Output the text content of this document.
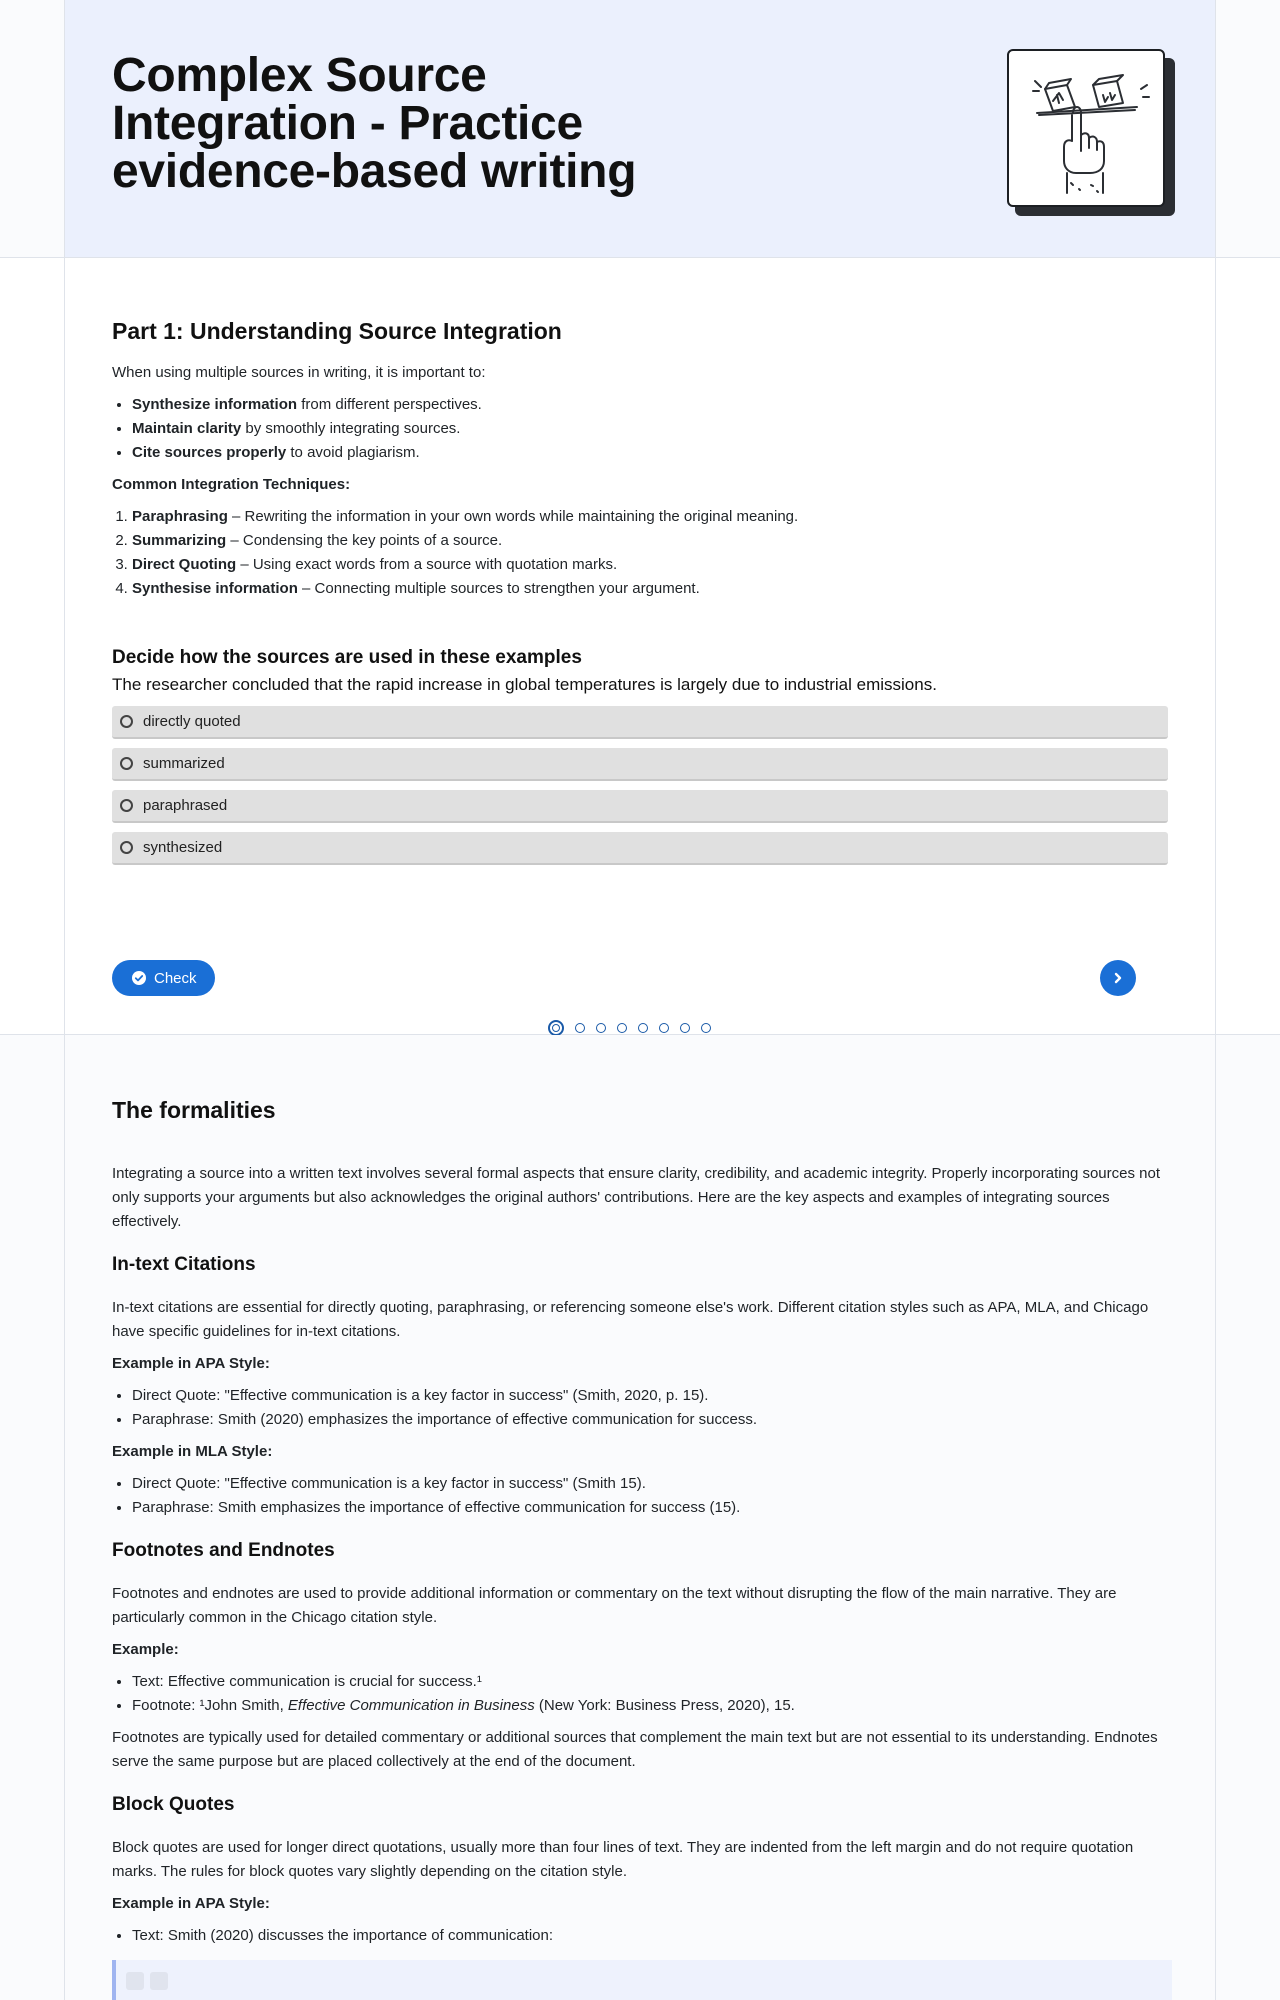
Complex Source Integration - Practice evidence-based writing
Part 1: Understanding Source Integration

When using multiple sources in writing, it is important to:

• Synthesize information from different perspectives.
• Maintain clarity by smoothly integrating sources.
• Cite sources properly to avoid plagiarism.
Common Integration Techniques:
1. Paraphrasing – Rewriting the information in your own words while maintaining the original meaning.
2. Summarizing – Condensing the key points of a source.
3. Direct Quoting – Using exact words from a source with quotation marks.
4. Synthesise information – Connecting multiple sources to strengthen your argument.
Decide how the sources are used in these examples
The researcher concluded that the rapid increase in global temperatures is largely due to industrial emissions.
directly quoted
summarized
paraphrased
synthesized
Check
The formalities

Integrating a source into a written text involves several formal aspects that ensure clarity, credibility, and academic integrity. Properly incorporating sources not only supports your arguments but also acknowledges the original authors' contributions. Here are the key aspects and examples of integrating sources effectively.

In-text Citations

In-text citations are essential for directly quoting, paraphrasing, or referencing someone else's work. Different citation styles such as APA, MLA, and Chicago have specific guidelines for in-text citations.

Example in APA Style:
• Direct Quote: "Effective communication is a key factor in success" (Smith, 2020, p. 15).
• Paraphrase: Smith (2020) emphasizes the importance of effective communication for success.
Example in MLA Style:
• Direct Quote: "Effective communication is a key factor in success" (Smith 15).
• Paraphrase: Smith emphasizes the importance of effective communication for success (15).
Footnotes and Endnotes

Footnotes and endnotes are used to provide additional information or commentary on the text without disrupting the flow of the main narrative. They are particularly common in the Chicago citation style.

Example:
• Text: Effective communication is crucial for success.¹
• Footnote: ¹John Smith, Effective Communication in Business (New York: Business Press, 2020), 15.

Footnotes are typically used for detailed commentary or additional sources that complement the main text but are not essential to its understanding. Endnotes serve the same purpose but are placed collectively at the end of the document.

Block Quotes

Block quotes are used for longer direct quotations, usually more than four lines of text. They are indented from the left margin and do not require quotation marks. The rules for block quotes vary slightly depending on the citation style.

Example in APA Style:
• Text: Smith (2020) discusses the importance of communication:
